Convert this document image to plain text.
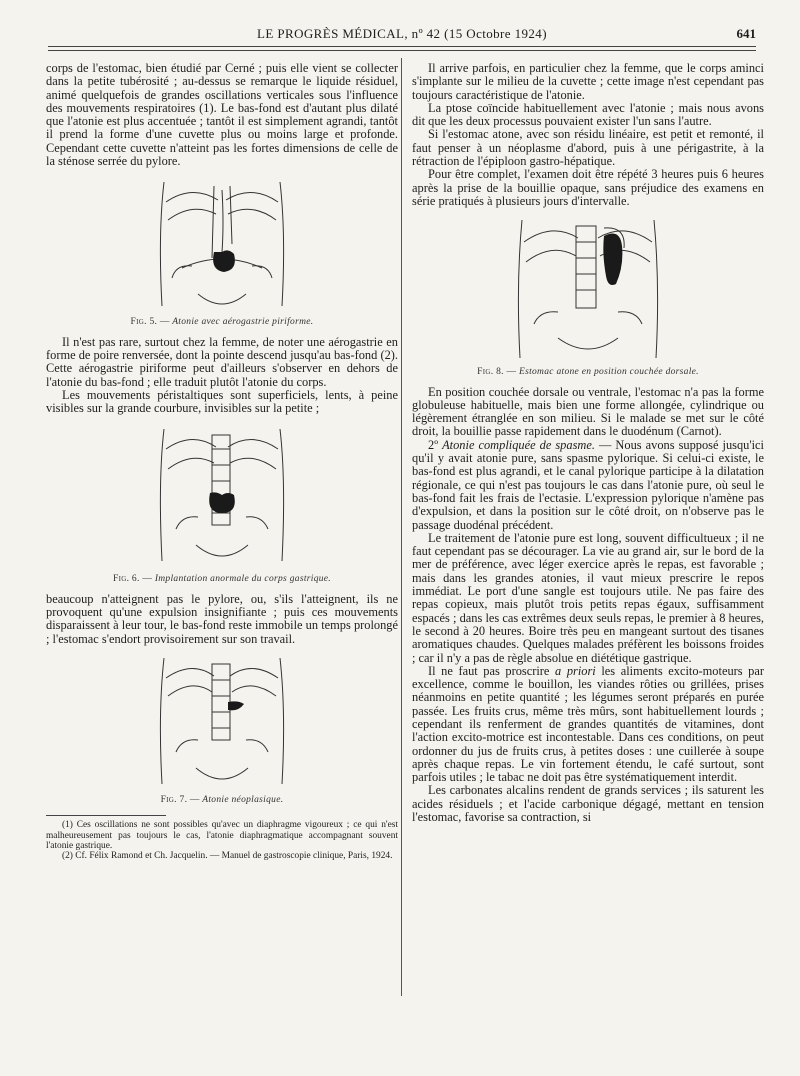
LE PROGRÈS MÉDICAL, nº 42 (15 Octobre 1924)	641

corps de l'estomac, bien étudié par Cerné ; puis elle vient se collecter dans la petite tubérosité ; au-dessus se remarque le liquide résiduel, animé quelquefois de grandes oscillations verticales sous l'influence des mouvements respiratoires (1). Le bas-fond est d'autant plus dilaté que l'atonie est plus accentuée ; tantôt il est simplement agrandi, tantôt il prend la forme d'une cuvette plus ou moins large et profonde. Cependant cette cuvette n'atteint pas les fortes dimensions de celle de la sténose serrée du pylore.

Fig. 5. — Atonie avec aérogastrie piriforme.

Il n'est pas rare, surtout chez la femme, de noter une aérogastrie en forme de poire renversée, dont la pointe descend jusqu'au bas-fond (2). Cette aérogastrie piriforme peut d'ailleurs s'observer en dehors de l'atonie du bas-fond ; elle traduit plutôt l'atonie du corps.

Les mouvements péristaltiques sont superficiels, lents, à peine visibles sur la grande courbure, invisibles sur la petite ;

Fig. 6. — Implantation anormale du corps gastrique.

beaucoup n'atteignent pas le pylore, ou, s'ils l'atteignent, ils ne provoquent qu'une expulsion insignifiante ; puis ces mouvements disparaissent à leur tour, le bas-fond reste immobile un temps prolongé ; l'estomac s'endort provisoirement sur son travail.

Fig. 7. — Atonie néoplasique.

(1) Ces oscillations ne sont possibles qu'avec un diaphragme vigoureux ; ce qui n'est malheureusement pas toujours le cas, l'atonie diaphragmatique accompagnant souvent l'atonie gastrique.

(2) Cf. Félix Ramond et Ch. Jacquelin. — Manuel de gastroscopie clinique, Paris, 1924.

Il arrive parfois, en particulier chez la femme, que le corps aminci s'implante sur le milieu de la cuvette ; cette image n'est cependant pas toujours caractéristique de l'atonie.

La ptose coïncide habituellement avec l'atonie ; mais nous avons dit que les deux processus pouvaient exister l'un sans l'autre.

Si l'estomac atone, avec son résidu linéaire, est petit et remonté, il faut penser à un néoplasme d'abord, puis à une périgastrite, à la rétraction de l'épiploon gastro-hépatique.

Pour être complet, l'examen doit être répété 3 heures puis 6 heures après la prise de la bouillie opaque, sans préjudice des examens en série pratiqués à plusieurs jours d'intervalle.

Fig. 8. — Estomac atone en position couchée dorsale.

En position couchée dorsale ou ventrale, l'estomac n'a pas la forme globuleuse habituelle, mais bien une forme allongée, cylindrique ou légèrement étranglée en son milieu. Si le malade se met sur le côté droit, la bouillie passe rapidement dans le duodénum (Carnot).

2º Atonie compliquée de spasme. — Nous avons supposé jusqu'ici qu'il y avait atonie pure, sans spasme pylorique. Si celui-ci existe, le bas-fond est plus agrandi, et le canal pylorique participe à la dilatation régionale, ce qui n'est pas toujours le cas dans l'atonie pure, où seul le bas-fond fait les frais de l'ectasie. L'expression pylorique n'amène pas d'expulsion, et dans la position sur le côté droit, on n'observe pas le passage duodénal précédent.

Le traitement de l'atonie pure est long, souvent difficultueux ; il ne faut cependant pas se décourager. La vie au grand air, sur le bord de la mer de préférence, avec léger exercice après le repas, est favorable ; mais dans les grandes atonies, il vaut mieux prescrire le repos immédiat. Le port d'une sangle est toujours utile. Ne pas faire des repas copieux, mais plutôt trois petits repas égaux, suffisamment espacés ; dans les cas extrêmes deux seuls repas, le premier à 8 heures, le second à 20 heures. Boire très peu en mangeant surtout des tisanes aromatiques chaudes. Quelques malades préfèrent les boissons froides ; car il n'y a pas de règle absolue en diététique gastrique.

Il ne faut pas proscrire a priori les aliments excito-moteurs par excellence, comme le bouillon, les viandes rôties ou grillées, prises néanmoins en petite quantité ; les légumes seront préparés en purée passée. Les fruits crus, même très mûrs, sont habituellement lourds ; cependant ils renferment de grandes quantités de vitamines, dont l'action excito-motrice est incontestable. Dans ces conditions, on peut ordonner du jus de fruits crus, à petites doses : une cuillerée à soupe après chaque repas. Le vin fortement étendu, le café surtout, sont parfois utiles ; le tabac ne doit pas être systématiquement interdit.

Les carbonates alcalins rendent de grands services ; ils saturent les acides résiduels ; et l'acide carbonique dégagé, mettant en tension l'estomac, favorise sa contraction, si
